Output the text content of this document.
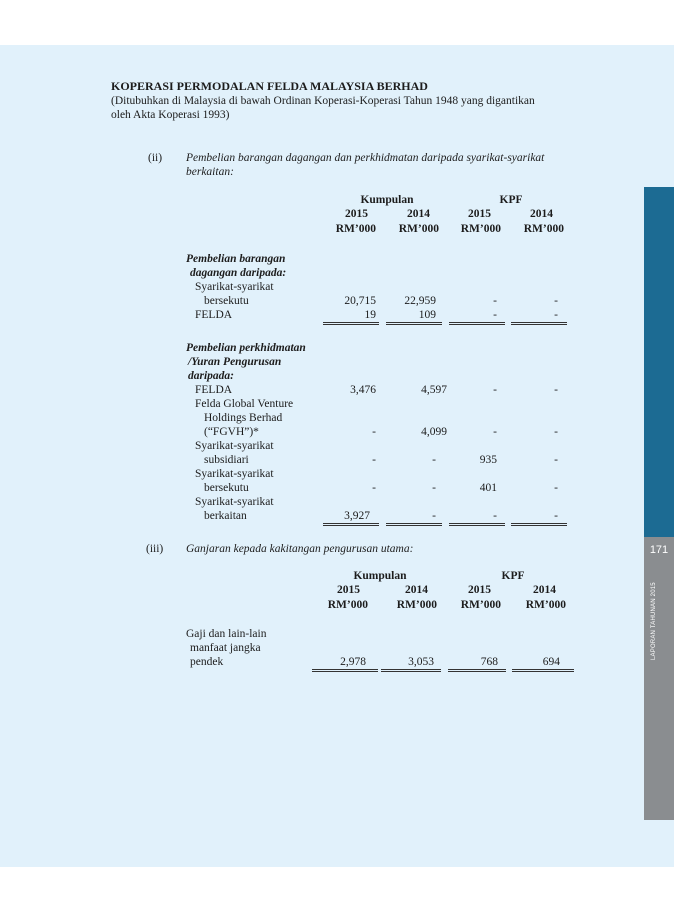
171
LAPORAN TAHUNAN 2015
KOPERASI PERMODALAN FELDA MALAYSIA BERHAD
(Ditubuhkan di Malaysia di bawah Ordinan Koperasi-Koperasi Tahun 1948 yang digantikan
oleh Akta Koperasi 1993)
(ii) Pembelian barangan dagangan dan perkhidmatan daripada syarikat-syarikat
berkaitan:
Kumpulan	KPF
2015	2014	2015	2014
RM’000	RM’000	RM’000	RM’000
Pembelian barangan
dagangan daripada:
Syarikat-syarikat
bersekutu	20,715	22,959	-	-
FELDA	19	109	-	-
Pembelian perkhidmatan
/Yuran Pengurusan
daripada:
FELDA	3,476	4,597	-	-
Felda Global Venture
Holdings Berhad
(“FGVH”)*	-	4,099	-	-
Syarikat-syarikat
subsidiari	-	-	935	-
Syarikat-syarikat
bersekutu	-	-	401	-
Syarikat-syarikat
berkaitan	3,927	-	-	-
(iii) Ganjaran kepada kakitangan pengurusan utama:
Kumpulan	KPF
2015	2014	2015	2014
RM’000	RM’000	RM’000	RM’000
Gaji dan lain-lain
manfaat jangka
pendek	2,978	3,053	768	694
